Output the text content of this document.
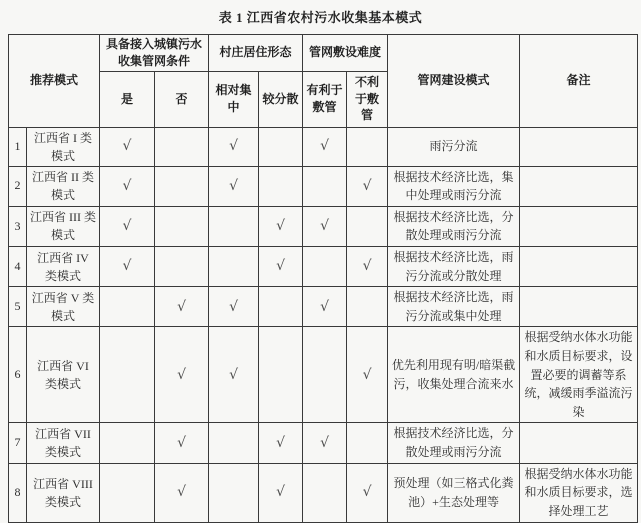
表 1 江西省农村污水收集基本模式
推荐模式		具备接入城镇污水收集管网条件		村庄居住形态		管网敷设难度		管网建设模式	备注
		是	否	相对集中	较分散	有利于敷管	不利于敷管		
1	江西省 I 类模式	√		√		√		雨污分流	
2	江西省 II 类模式	√		√			√	根据技术经济比选，集中处理或雨污分流	
3	江西省 III 类模式	√			√	√		根据技术经济比选，分散处理或雨污分流	
4	江西省 IV 类模式	√			√		√	根据技术经济比选，雨污分流或分散处理	
5	江西省 V 类模式		√	√		√		根据技术经济比选，雨污分流或集中处理	
6	江西省 VI 类模式		√	√			√	优先利用现有明/暗渠截污，收集处理合流来水	根据受纳水体水功能和水质目标要求，设置必要的调蓄等系统，减缓雨季溢流污染
7	江西省 VII 类模式		√		√	√		根据技术经济比选，分散处理或雨污分流	
8	江西省 VIII 类模式		√		√		√	预处理（如三格式化粪池）+生态处理等	根据受纳水体水功能和水质目标要求，选择处理工艺
